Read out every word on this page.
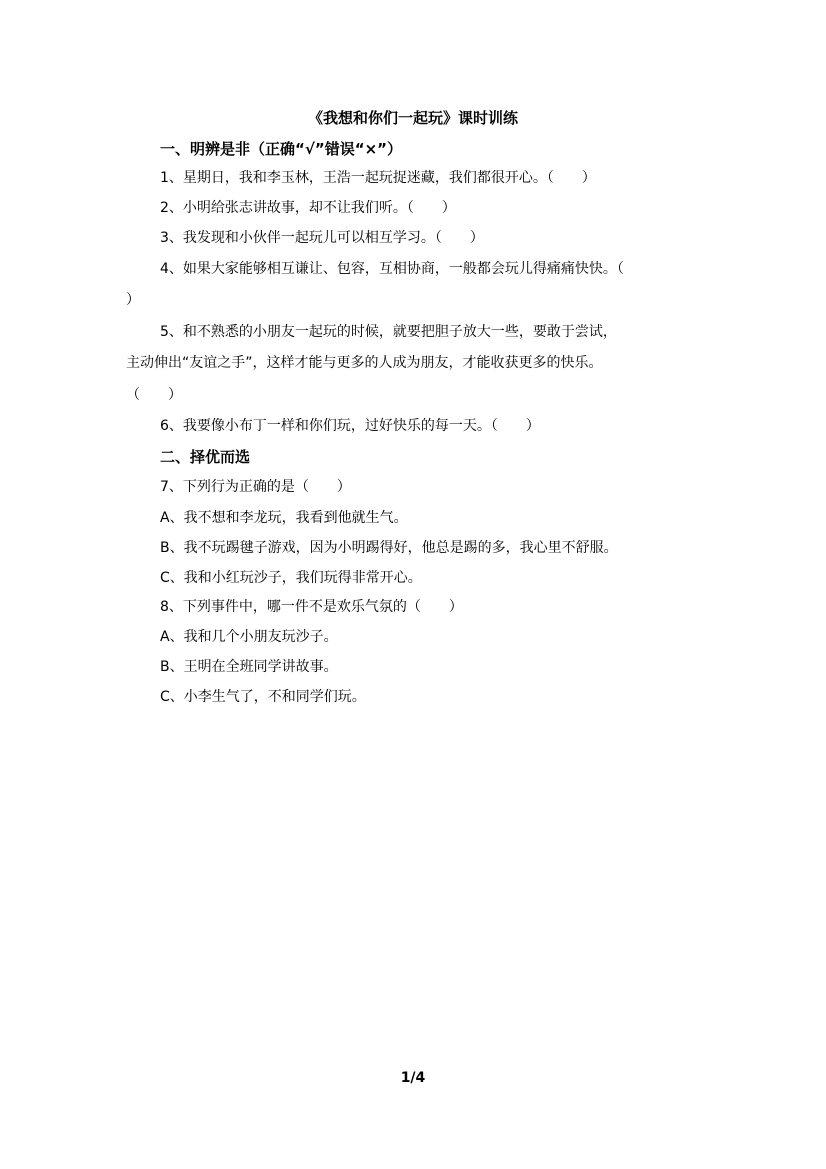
《我想和你们一起玩》课时训练
一、明辨是非（正确“√”错误“×”）
1、星期日，我和李玉林，王浩一起玩捉迷藏，我们都很开心。（　　）
2、小明给张志讲故事，却不让我们听。（　　）
3、我发现和小伙伴一起玩儿可以相互学习。（　　）
4、如果大家能够相互谦让、包容，互相协商，一般都会玩儿得痛痛快快。（
）
5、和不熟悉的小朋友一起玩的时候，就要把胆子放大一些，要敢于尝试，
主动伸出“友谊之手”，这样才能与更多的人成为朋友，才能收获更多的快乐。
（　　）
6、我要像小布丁一样和你们玩，过好快乐的每一天。（　　）
二、择优而选
7、下列行为正确的是（　　）
A、我不想和李龙玩，我看到他就生气。
B、我不玩踢毽子游戏，因为小明踢得好，他总是踢的多，我心里不舒服。
C、我和小红玩沙子，我们玩得非常开心。
8、下列事件中，哪一件不是欢乐气氛的（　　）
A、我和几个小朋友玩沙子。
B、王明在全班同学讲故事。
C、小李生气了，不和同学们玩。
1/4
